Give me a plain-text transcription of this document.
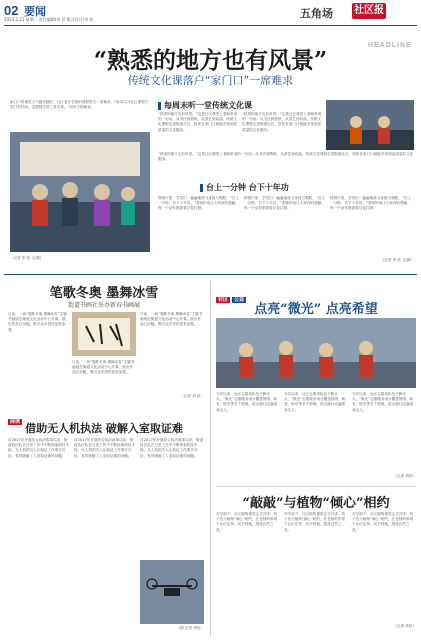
02 要闻
2023.2.21 星期二 责任编辑/刘 萍 版式设计/李 欣	五角场 社区报
HEADLINE
“熟悉的地方也有风景”
传统文化课落户“家门口”一席难求
家门口的课堂人气越来越旺，社区老年学校的课程报名一席难求。“原本以为社区课程只是打发时间，没想到学到了真本事。”居民王阿姨说。
（记者 李 欣 文/摄）
每周末听一堂传统文化课
“熟悉的地方也有风景。”这是社区课堂上老师常说的一句话。从书法到剪纸，从茶艺到戏曲，传统文化课程走进街道社区，居民在家门口就能享受到高质量的文化服务。
“熟悉的地方也有风景。”这是社区课堂上老师常说的一句话。从书法到剪纸，从茶艺到戏曲，传统文化课程走进街道社区，居民在家门口就能享受到高质量的文化服务。
“熟悉的地方也有风景。”这是社区课堂上老师常说的一句话。从书法到剪纸，从茶艺到戏曲，传统文化课程走进街道社区，居民在家门口就能享受到高质量的文化服务。
台上一分钟 台下十年功
排练厅里，学员们一遍遍地练习身段与唱腔。“台上一分钟，台下十年功。”老师的话让大家深有感触，每一个动作都需要反复打磨。
排练厅里，学员们一遍遍地练习身段与唱腔。“台上一分钟，台下十年功。”老师的话让大家深有感触，每一个动作都需要反复打磨。
排练厅里，学员们一遍遍地练习身段与唱腔。“台上一分钟，台下十年功。”老师的话让大家深有感触，每一个动作都需要反复打磨。
（记者 李 欣 文/摄）
笔歌冬奥 墨舞冰雪
街道书画社举办新春书画展
日前，一场“笔歌冬奥 墨舞冰雪”主题书画展在街道文化活动中心开幕，展出作品百余幅，吸引众多居民前来参观。
日前，一场“笔歌冬奥 墨舞冰雪”主题书画展在街道文化活动中心开幕，展出作品百余幅，吸引众多居民前来参观。
日前，一场“笔歌冬奥 墨舞冰雪”主题书画展在街道文化活动中心开幕，展出作品百余幅，吸引众多居民前来参观。
（记者 刘 萍）
阅读 借助无人机执法 破解入室取证难
自2017年开展综合执法改革以来，街道执法队在日常工作中不断探索科技手段，无人机的引入让取证工作事半功倍，有效破解了入室取证难的问题。
自2017年开展综合执法改革以来，街道执法队在日常工作中不断探索科技手段，无人机的引入让取证工作事半功倍，有效破解了入室取证难的问题。
自2017年开展综合执法改革以来，街道执法队在日常工作中不断探索科技手段，无人机的引入让取证工作事半功倍，有效破解了入室取证难的问题。
（图 记者 李欣）
社区 公益
点亮“微光” 点亮希望
今年以来，社区志愿者队伍不断壮大，“微光”志愿服务项目覆盖帮困、助老、助学等多个领域，用点滴行动温暖身边人。
今年以来，社区志愿者队伍不断壮大，“微光”志愿服务项目覆盖帮困、助老、助学等多个领域，用点滴行动温暖身边人。
今年以来，社区志愿者队伍不断壮大，“微光”志愿服务项目覆盖帮困、助老、助学等多个领域，用点滴行动温暖身边人。
（记者 刘萍）
“敲敲”与植物“倾心”相约
开学前夕，社区植物课堂正式开讲。孩子们与植物“倾心”相约，在老师的带领下认识花草、动手种植，感受自然之美。
开学前夕，社区植物课堂正式开讲。孩子们与植物“倾心”相约，在老师的带领下认识花草、动手种植，感受自然之美。
开学前夕，社区植物课堂正式开讲。孩子们与植物“倾心”相约，在老师的带领下认识花草、动手种植，感受自然之美。
（记者 李欣）
